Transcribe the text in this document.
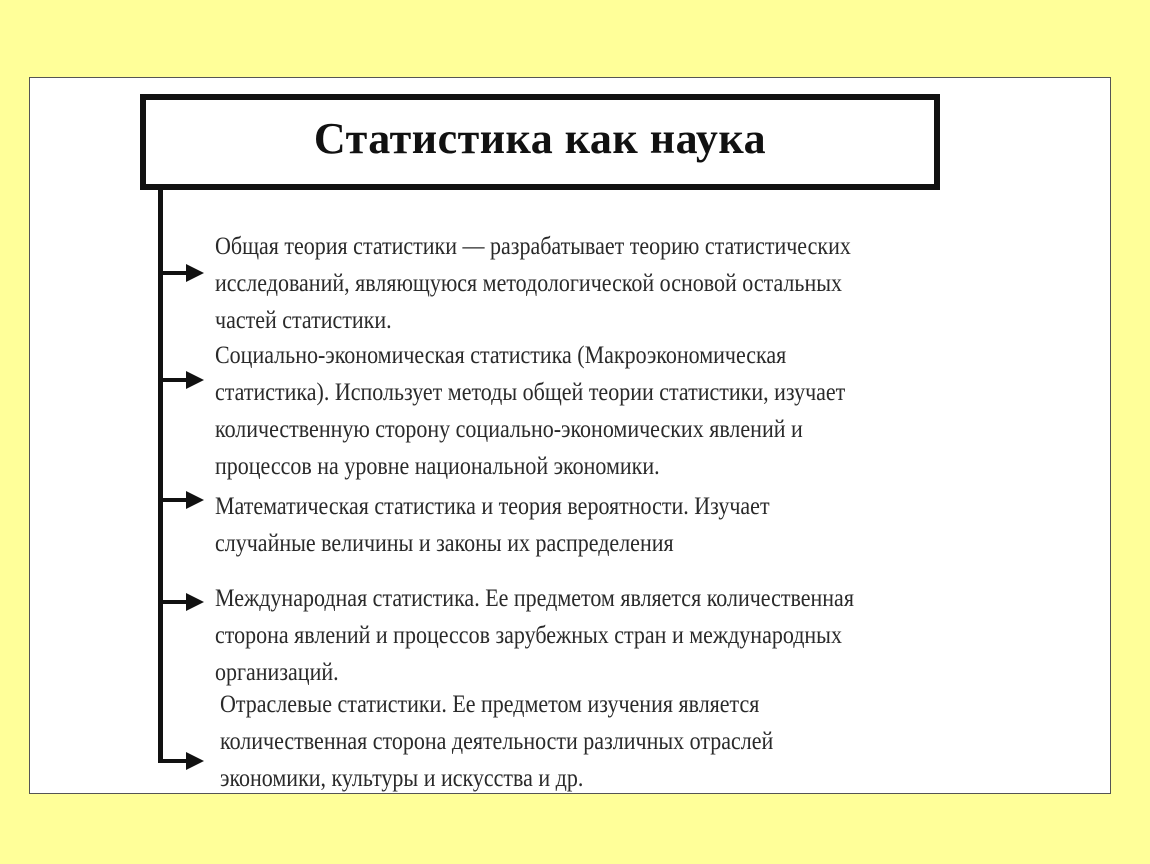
Статистика как наука
Общая теория статистики — разрабатывает теорию статистических
исследований, являющуюся методологической основой остальных
частей статистики.
Социально-экономическая статистика (Макроэкономическая
статистика). Использует методы общей теории статистики, изучает
количественную сторону социально-экономических явлений и
процессов на уровне национальной экономики.
Математическая статистика и теория вероятности. Изучает
случайные величины и законы их распределения
Международная статистика. Ее предметом является количественная
сторона явлений и процессов зарубежных стран и международных
организаций.
Отраслевые статистики. Ее предметом изучения является
количественная сторона деятельности различных отраслей
экономики, культуры и искусства и др.
